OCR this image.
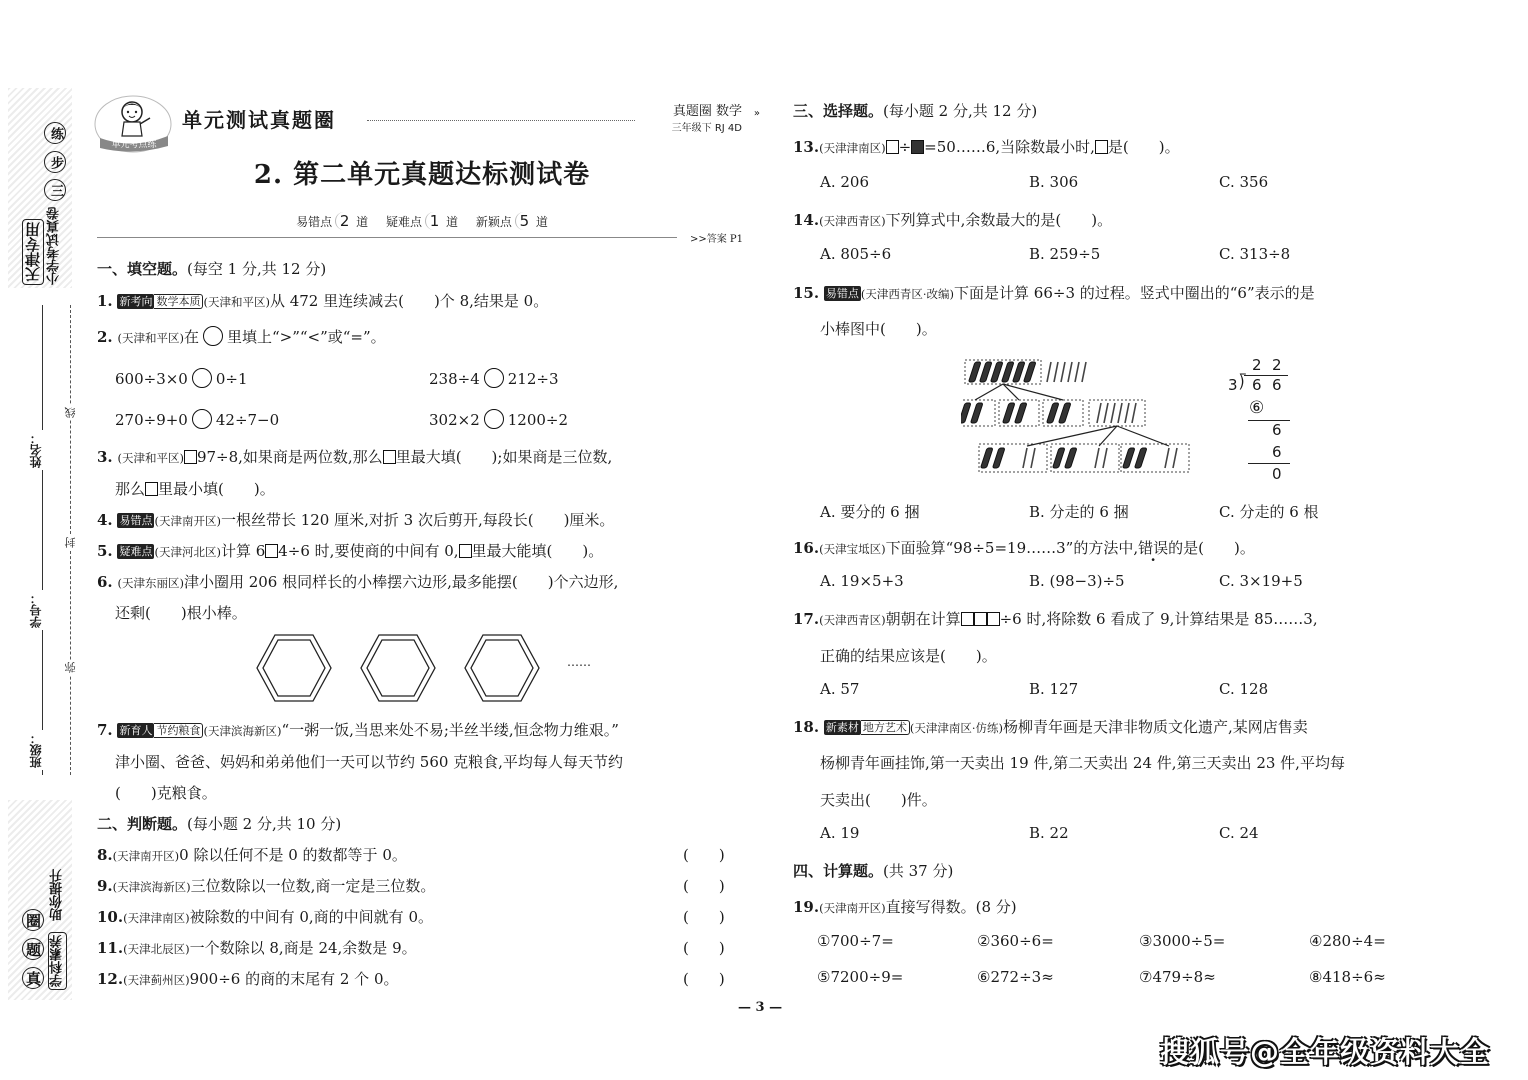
天津专用 小学考试真卷 三 步 练
班级：
学号：
姓名：
弥
封
线
真 题 圈
学科素养 助你提升
单元考点练
单元测试真题圈	真题圈 数学
三年级下 RJ 4D
»
2. 第二单元真题达标测试卷
易错点 2 道 疑难点 1 道 新颖点 5 道
>>答案 P1
一、填空题。(每空 1 分,共 12 分)
1. 新考向 数学本质 (天津和平区)从 472 里连续减去(　　)个 8,结果是 0。
2. (天津和平区)在 里填上“>”“<”或“=”。
600÷3×0 0÷1	238÷4 212÷3
270÷9+0 42÷7−0	302×2 1200÷2
3. (天津和平区) 97÷8,如果商是两位数,那么 里最大填(　　);如果商是三位数,
那么 里最小填(　　)。
4. 易错点 (天津南开区)一根丝带长 120 厘米,对折 3 次后剪开,每段长(　　)厘米。
5. 疑难点 (天津河北区)计算 6 4÷6 时,要使商的中间有 0, 里最大能填(　　)。
6. (天津东丽区)津小圈用 206 根同样长的小棒摆六边形,最多能摆(　　)个六边形,
还剩(　　)根小棒。
……
7. 新育人 节约粮食 (天津滨海新区)“一粥一饭,当思来处不易;半丝半缕,恒念物力维艰。”
津小圈、爸爸、妈妈和弟弟他们一天可以节约 560 克粮食,平均每人每天节约
(　　)克粮食。
二、判断题。(每小题 2 分,共 10 分)
8.(天津南开区)0 除以任何不是 0 的数都等于 0。	(　　)
9.(天津滨海新区)三位数除以一位数,商一定是三位数。	(　　)
10.(天津津南区)被除数的中间有 0,商的中间就有 0。	(　　)
11.(天津北辰区)一个数除以 8,商是 24,余数是 9。	(　　)
12.(天津蓟州区)900÷6 的商的末尾有 2 个 0。	(　　)
— 3 —
三、选择题。(每小题 2 分,共 12 分)
13.(天津津南区) ÷ =50……6,当除数最小时, 是(　　)。
A. 206	B. 306	C. 356
14.(天津西青区)下列算式中,余数最大的是(　　)。
A. 805÷6	B. 259÷5	C. 313÷8
15. 易错点 (天津西青区·改编)下面是计算 66÷3 的过程。竖式中圈出的“6”表示的是
小棒图中(　　)。
2 2
3 ⟌ 6 6
⑥
6
6
0
A. 要分的 6 捆	B. 分走的 6 捆	C. 分走的 6 根
16.(天津宝坻区)下面验算“98÷5=19……3”的方法中,错误的是(　　)。
A. 19×5+3	B. (98−3)÷5	C. 3×19+5
17.(天津西青区)朝朝在计算	÷6 时,将除数 6 看成了 9,计算结果是 85……3,
正确的结果应该是(　　)。
A. 57	B. 127	C. 128
18. 新素材 地方艺术 (天津津南区·仿练)杨柳青年画是天津非物质文化遗产,某网店售卖
杨柳青年画挂饰,第一天卖出 19 件,第二天卖出 24 件,第三天卖出 23 件,平均每
天卖出(　　)件。
A. 19	B. 22	C. 24
四、计算题。(共 37 分)
19.(天津南开区)直接写得数。(8 分)
①700÷7=	②360÷6=	③3000÷5=	④280÷4=
⑤7200÷9=	⑥272÷3≈	⑦479÷8≈	⑧418÷6≈
搜狐号@全年级资料大全
